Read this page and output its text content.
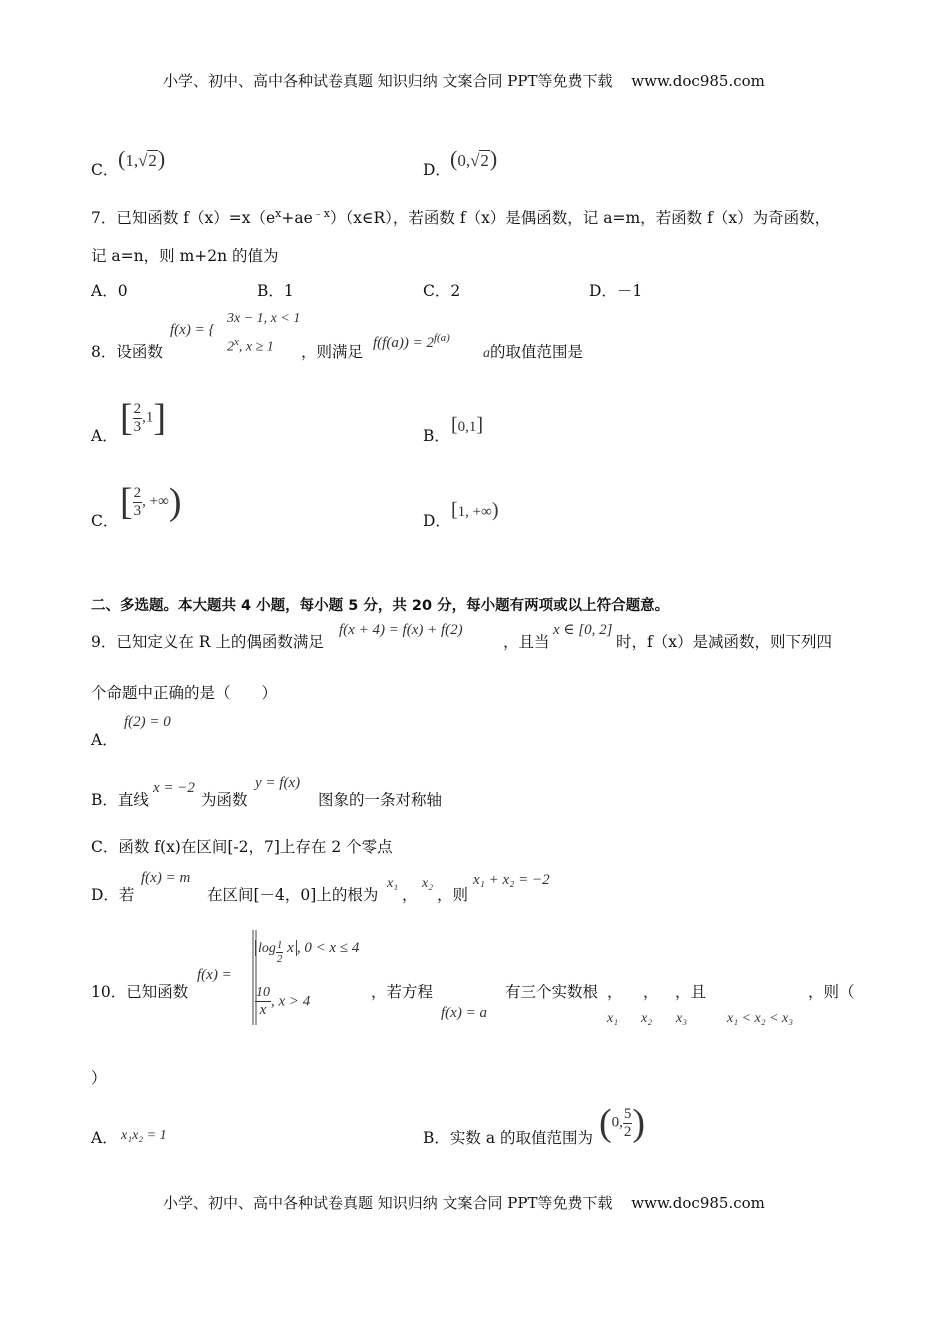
小学、初中、高中各种试卷真题 知识归纳 文案合同 PPT等免费下载 www.doc985.com
C． (1,√2)	D． (0,√2)
7．已知函数 $f(x)=x(e^x+ae^{﹣x})(x\in R)$，若函数 f（x）是偶函数，记 a=m，若函数 f（x）为奇函数，
记 a=n，则 m+2n 的值为
A．0	B．1	C．2	D．－1
8．设函数
f(x) = {
3x − 1, x < 1
2$^x$, x ≥ 1 ，则满足 $f(f(a)) = 2^{f(a)}$
a的取值范围是
A． [ $\frac{2}{3} ,1$]	B． [0,1]
C． [ $\frac{2}{3}$ , +∞)	D． [1, +∞)
二、多选题。本大题共 4 小题，每小题 5 分，共 20 分，每小题有两项或以上符合题意。
9．已知定义在 R 上的偶函数满足
f(x + 4) = f(x) + f(2)
，且当
x ∈ [0, 2]
时，f（x）是减函数，则下列四
个命题中正确的是（　　）
A．
f(2) = 0
B．直线
x = −2
为函数
y = f(x)
图象的一条对称轴
C．函数 f(x)在区间[-2，7]上存在 2 个零点
D．若
f(x) = m
在区间[－4，0]上的根为
x₁
，
x₂
，则
x₁ + x₂ = −2
10．已知函数
f(x) =
log $_{\frac{1}{2}}$ x , 0 < x ≤ 4
$\frac{10}{x}$ , x > 4
，若方程
f(x) = a
有三个实数根 ， ， ，且	，则（
x₁ x₂ x₃	x₁ < x₂ < x₃
）
A． x₁x₂ = 1	B．实数 a 的取值范围为 (0, $\frac{5}{2}$ )
小学、初中、高中各种试卷真题 知识归纳 文案合同 PPT等免费下载 www.doc985.com
